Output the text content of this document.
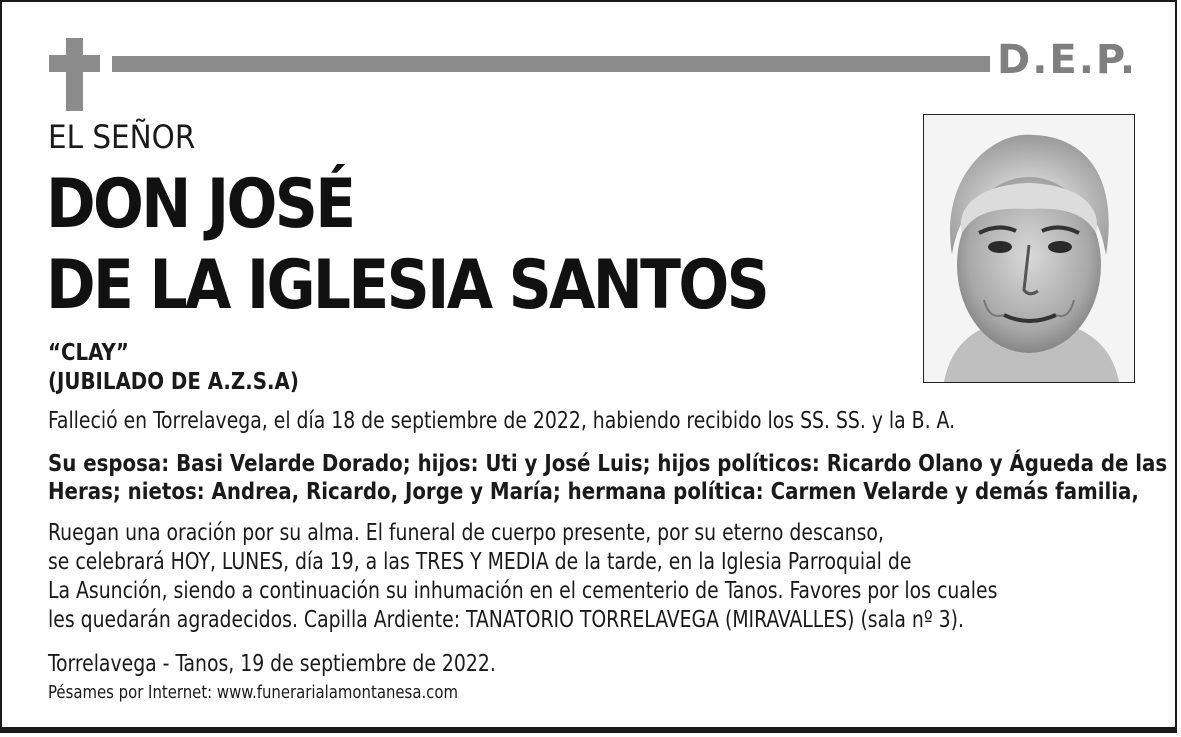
D.E.P.
EL SEÑOR
DON JOSÉ
DE LA IGLESIA SANTOS
“CLAY”
(JUBILADO DE A.Z.S.A)
Falleció en Torrelavega, el día 18 de septiembre de 2022, habiendo recibido los SS. SS. y la B. A.
Su esposa: Basi Velarde Dorado; hijos: Uti y José Luis; hijos políticos: Ricardo Olano y Águeda de las
Heras; nietos: Andrea, Ricardo, Jorge y María; hermana política: Carmen Velarde y demás familia,
Ruegan una oración por su alma. El funeral de cuerpo presente, por su eterno descanso,
se celebrará HOY, LUNES, día 19, a las TRES Y MEDIA de la tarde, en la Iglesia Parroquial de
La Asunción, siendo a continuación su inhumación en el cementerio de Tanos. Favores por los cuales
les quedarán agradecidos. Capilla Ardiente: TANATORIO TORRELAVEGA (MIRAVALLES) (sala nº 3).
Torrelavega - Tanos, 19 de septiembre de 2022.
Pésames por Internet: www.funerarialamontanesa.com
